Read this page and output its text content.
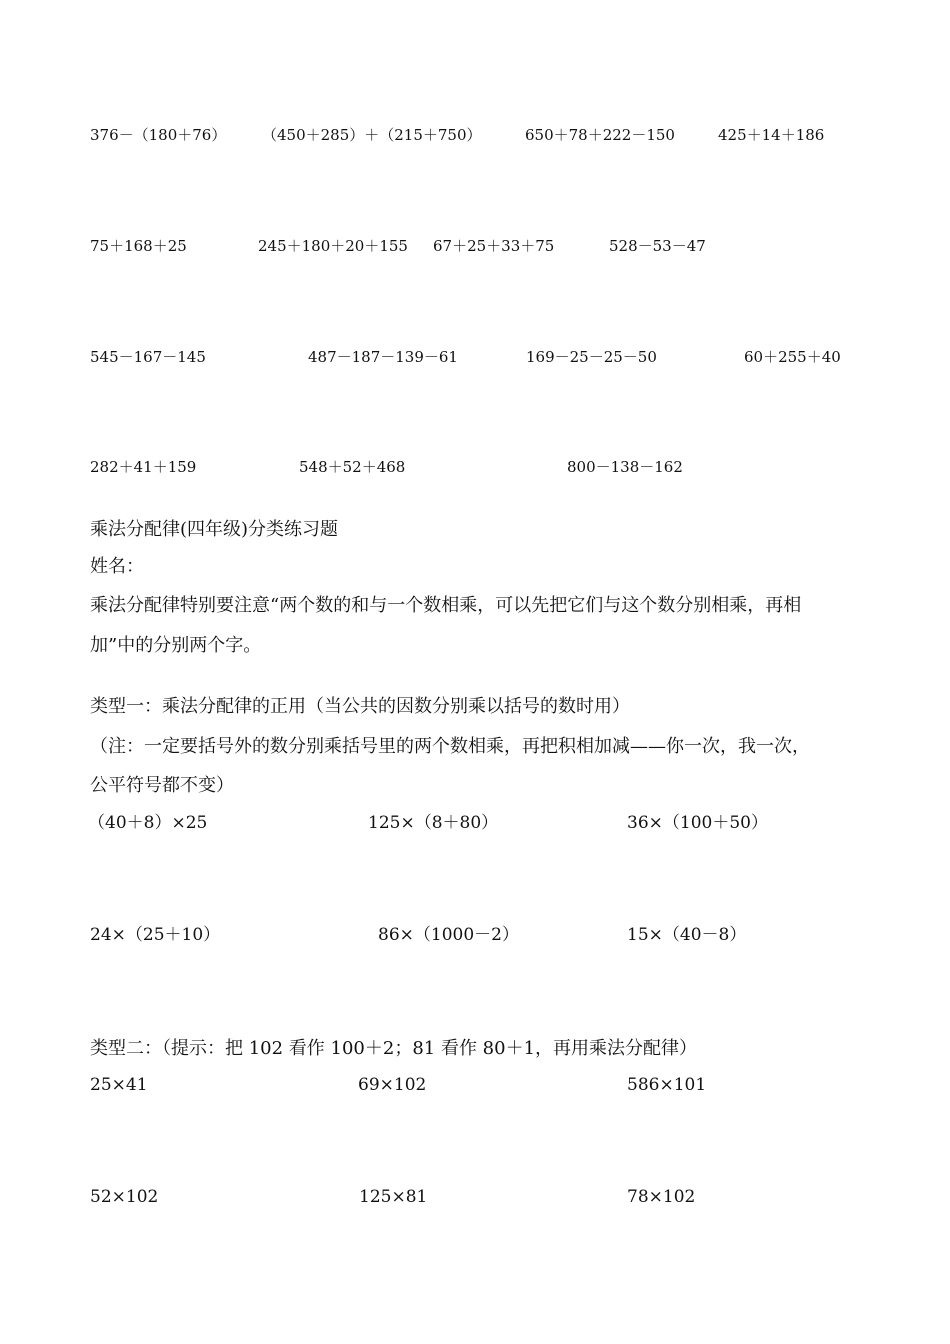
376－（180＋76） （450＋285）＋（215＋750）	650＋78＋222－150	425＋14＋186
75＋168＋25	245＋180＋20＋155 67＋25＋33＋75	528－53－47
545－167－145	487－187－139－61	169－25－25－50	60＋255＋40
282＋41＋159	548＋52＋468	800－138－162
乘法分配律(四年级)分类练习题
姓名：
乘法分配律特别要注意“两个数的和与一个数相乘，可以先把它们与这个数分别相乘，再相
加”中的分别两个字。
类型一：乘法分配律的正用（当公共的因数分别乘以括号的数时用）
（注：一定要括号外的数分别乘括号里的两个数相乘，再把积相加减——你一次，我一次，
公平符号都不变）
（40＋8）×25	125×（8＋80）	36×（100＋50）
24×（25＋10）	86×（1000－2）	15×（40－8）
类型二：（提示：把 102 看作 100＋2；81 看作 80＋1，再用乘法分配律）
25×41	69×102	586×101
52×102	125×81	78×102
